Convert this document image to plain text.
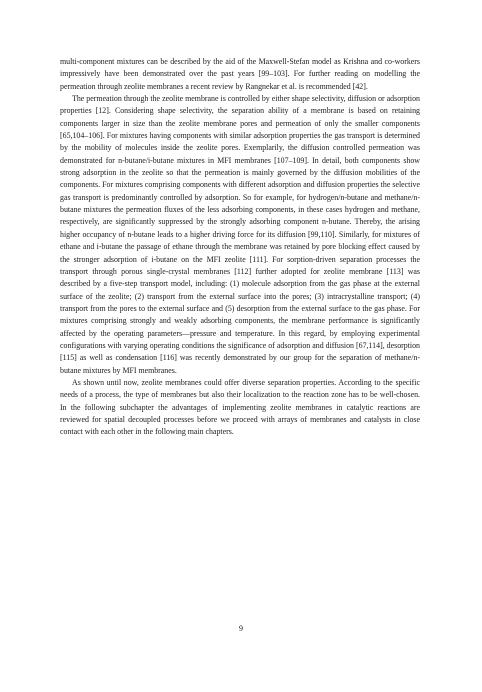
multi-component mixtures can be described by the aid of the Maxwell-Stefan model as Krishna and co-workers impressively have been demonstrated over the past years [99–103]. For further reading on modelling the permeation through zeolite membranes a recent review by Rangnekar et al. is recommended [42].

The permeation through the zeolite membrane is controlled by either shape selectivity, diffusion or adsorption properties [12]. Considering shape selectivity, the separation ability of a membrane is based on retaining components larger in size than the zeolite membrane pores and permeation of only the smaller components [65,104–106]. For mixtures having components with similar adsorption properties the gas transport is determined by the mobility of molecules inside the zeolite pores. Exemplarily, the diffusion controlled permeation was demonstrated for n-butane/i-butane mixtures in MFI membranes [107–109]. In detail, both components show strong adsorption in the zeolite so that the permeation is mainly governed by the diffusion mobilities of the components. For mixtures comprising components with different adsorption and diffusion properties the selective gas transport is predominantly controlled by adsorption. So for example, for hydrogen/n-butane and methane/n-butane mixtures the permeation fluxes of the less adsorbing components, in these cases hydrogen and methane, respectively, are significantly suppressed by the strongly adsorbing component n-butane. Thereby, the arising higher occupancy of n-butane leads to a higher driving force for its diffusion [99,110]. Similarly, for mixtures of ethane and i-butane the passage of ethane through the membrane was retained by pore blocking effect caused by the stronger adsorption of i-butane on the MFI zeolite [111]. For sorption-driven separation processes the transport through porous single-crystal membranes [112] further adopted for zeolite membrane [113] was described by a five-step transport model, including: (1) molecule adsorption from the gas phase at the external surface of the zeolite; (2) transport from the external surface into the pores; (3) intracrystalline transport; (4) transport from the pores to the external surface and (5) desorption from the external surface to the gas phase. For mixtures comprising strongly and weakly adsorbing components, the membrane performance is significantly affected by the operating parameters—pressure and temperature. In this regard, by employing experimental configurations with varying operating conditions the significance of adsorption and diffusion [67,114], desorption [115] as well as condensation [116] was recently demonstrated by our group for the separation of methane/n-butane mixtures by MFI membranes.

As shown until now, zeolite membranes could offer diverse separation properties. According to the specific needs of a process, the type of membranes but also their localization to the reaction zone has to be well-chosen. In the following subchapter the advantages of implementing zeolite membranes in catalytic reactions are reviewed for spatial decoupled processes before we proceed with arrays of membranes and catalysts in close contact with each other in the following main chapters.

9
